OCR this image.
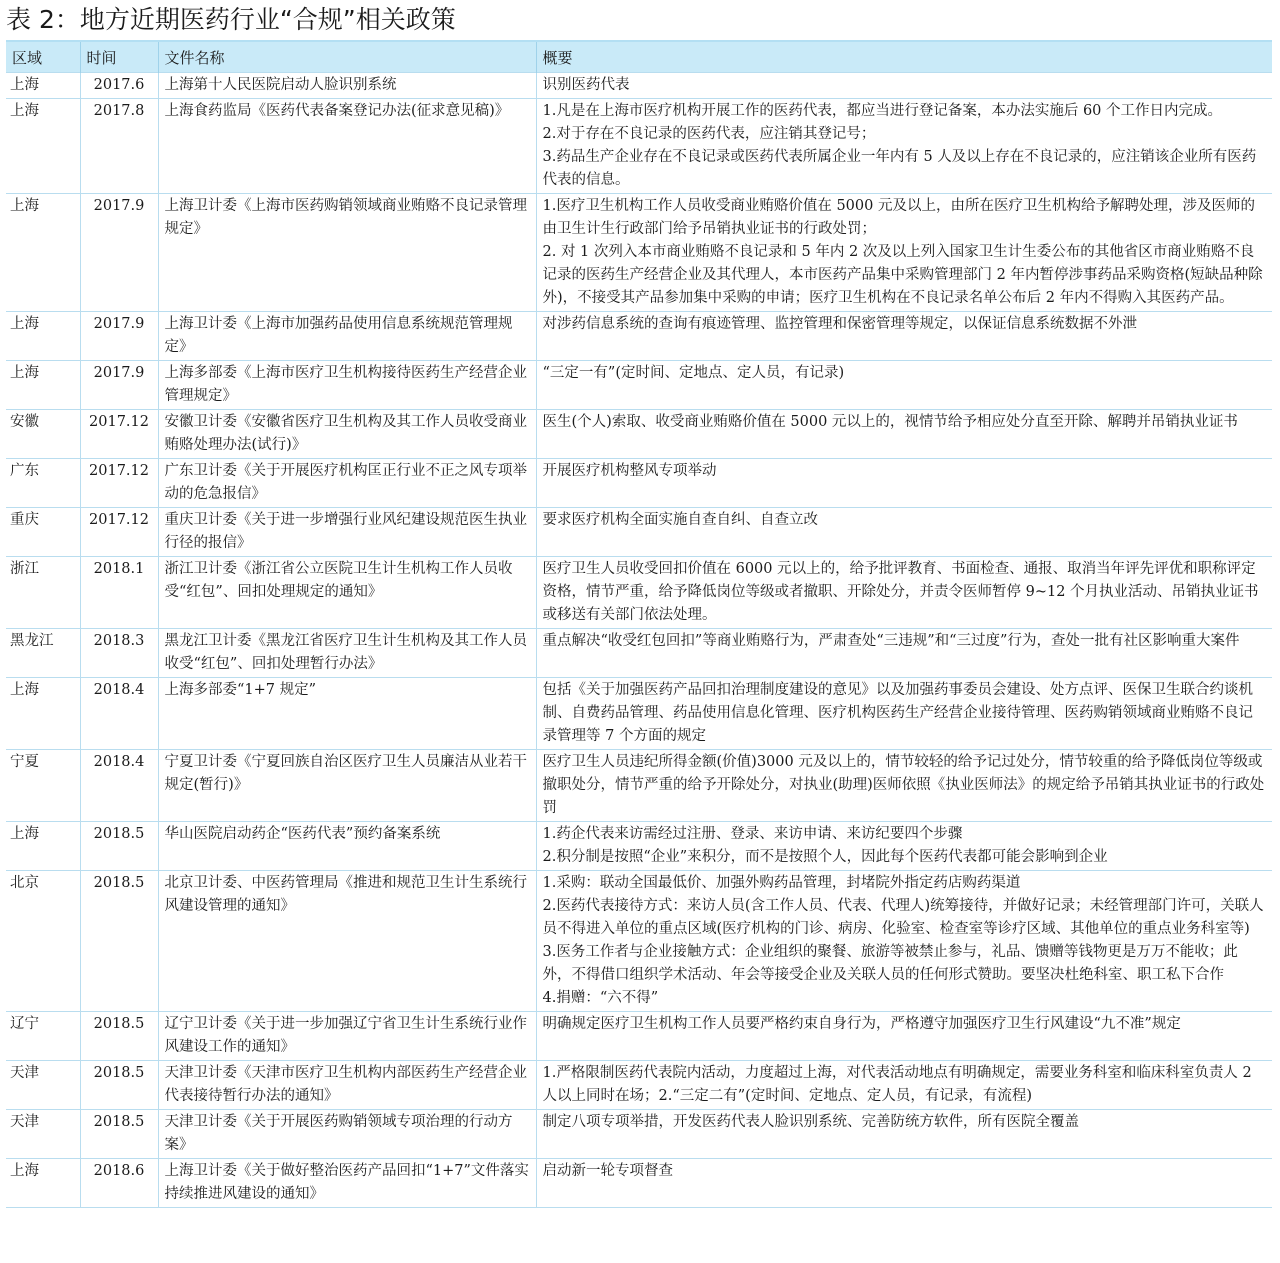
表 2：地方近期医药行业“合规”相关政策
区域	时间	文件名称	概要
上海	2017.6	上海第十人民医院启动人脸识别系统	识别医药代表

上海	2017.8	上海食药监局《医药代表备案登记办法(征求意见稿)》	1.凡是在上海市医疗机构开展工作的医药代表，都应当进行登记备案，本办法实施后 60 个工作日内完成。
2.对于存在不良记录的医药代表，应注销其登记号；
3.药品生产企业存在不良记录或医药代表所属企业一年内有 5 人及以上存在不良记录的，应注销该企业所有医药代表的信息。

上海	2017.9	上海卫计委《上海市医药购销领域商业贿赂不良记录管理规定》	1.医疗卫生机构工作人员收受商业贿赂价值在 5000 元及以上，由所在医疗卫生机构给予解聘处理，涉及医师的由卫生计生行政部门给予吊销执业证书的行政处罚；
2. 对 1 次列入本市商业贿赂不良记录和 5 年内 2 次及以上列入国家卫生计生委公布的其他省区市商业贿赂不良记录的医药生产经营企业及其代理人，本市医药产品集中采购管理部门 2 年内暂停涉事药品采购资格(短缺品种除外)，不接受其产品参加集中采购的申请；医疗卫生机构在不良记录名单公布后 2 年内不得购入其医药产品。

上海	2017.9	上海卫计委《上海市加强药品使用信息系统规范管理规定》	对涉药信息系统的查询有痕迹管理、监控管理和保密管理等规定，以保证信息系统数据不外泄

上海	2017.9	上海多部委《上海市医疗卫生机构接待医药生产经营企业管理规定》	“三定一有”(定时间、定地点、定人员，有记录)

安徽	2017.12	安徽卫计委《安徽省医疗卫生机构及其工作人员收受商业贿赂处理办法(试行)》	医生(个人)索取、收受商业贿赂价值在 5000 元以上的，视情节给予相应处分直至开除、解聘并吊销执业证书

广东	2017.12	广东卫计委《关于开展医疗机构匡正行业不正之风专项举动的危急报信》	开展医疗机构整风专项举动

重庆	2017.12	重庆卫计委《关于进一步增强行业风纪建设规范医生执业行径的报信》	要求医疗机构全面实施自查自纠、自查立改

浙江	2018.1	浙江卫计委《浙江省公立医院卫生计生机构工作人员收受“红包”、回扣处理规定的通知》	医疗卫生人员收受回扣价值在 6000 元以上的，给予批评教育、书面检查、通报、取消当年评先评优和职称评定资格，情节严重，给予降低岗位等级或者撤职、开除处分，并责令医师暂停 9~12 个月执业活动、吊销执业证书或移送有关部门依法处理。

黑龙江	2018.3	黑龙江卫计委《黑龙江省医疗卫生计生机构及其工作人员收受“红包”、回扣处理暂行办法》	重点解决“收受红包回扣”等商业贿赂行为，严肃查处“三违规”和“三过度”行为，查处一批有社区影响重大案件

上海	2018.4	上海多部委“1+7 规定”	包括《关于加强医药产品回扣治理制度建设的意见》以及加强药事委员会建设、处方点评、医保卫生联合约谈机制、自费药品管理、药品使用信息化管理、医疗机构医药生产经营企业接待管理、医药购销领域商业贿赂不良记录管理等 7 个方面的规定

宁夏	2018.4	宁夏卫计委《宁夏回族自治区医疗卫生人员廉洁从业若干规定(暂行)》	医疗卫生人员违纪所得金额(价值)3000 元及以上的，情节较轻的给予记过处分，情节较重的给予降低岗位等级或撤职处分，情节严重的给予开除处分，对执业(助理)医师依照《执业医师法》的规定给予吊销其执业证书的行政处罚

上海	2018.5	华山医院启动药企“医药代表”预约备案系统	1.药企代表来访需经过注册、登录、来访申请、来访纪要四个步骤
2.积分制是按照“企业”来积分，而不是按照个人，因此每个医药代表都可能会影响到企业

北京	2018.5	北京卫计委、中医药管理局《推进和规范卫生计生系统行风建设管理的通知》	1.采购：联动全国最低价、加强外购药品管理，封堵院外指定药店购药渠道
2.医药代表接待方式：来访人员(含工作人员、代表、代理人)统筹接待，并做好记录；未经管理部门许可，关联人员不得进入单位的重点区域(医疗机构的门诊、病房、化验室、检查室等诊疗区域、其他单位的重点业务科室等)
3.医务工作者与企业接触方式：企业组织的聚餐、旅游等被禁止参与，礼品、馈赠等钱物更是万万不能收；此外，不得借口组织学术活动、年会等接受企业及关联人员的任何形式赞助。要坚决杜绝科室、职工私下合作
4.捐赠：“六不得”

辽宁	2018.5	辽宁卫计委《关于进一步加强辽宁省卫生计生系统行业作风建设工作的通知》	明确规定医疗卫生机构工作人员要严格约束自身行为，严格遵守加强医疗卫生行风建设“九不准”规定

天津	2018.5	天津卫计委《天津市医疗卫生机构内部医药生产经营企业代表接待暂行办法的通知》	1.严格限制医药代表院内活动，力度超过上海，对代表活动地点有明确规定，需要业务科室和临床科室负责人 2 人以上同时在场；2.“三定二有”(定时间、定地点、定人员，有记录，有流程)

天津	2018.5	天津卫计委《关于开展医药购销领域专项治理的行动方案》	制定八项专项举措，开发医药代表人脸识别系统、完善防统方软件，所有医院全覆盖

上海	2018.6	上海卫计委《关于做好整治医药产品回扣“1+7”文件落实持续推进风建设的通知》	启动新一轮专项督查
